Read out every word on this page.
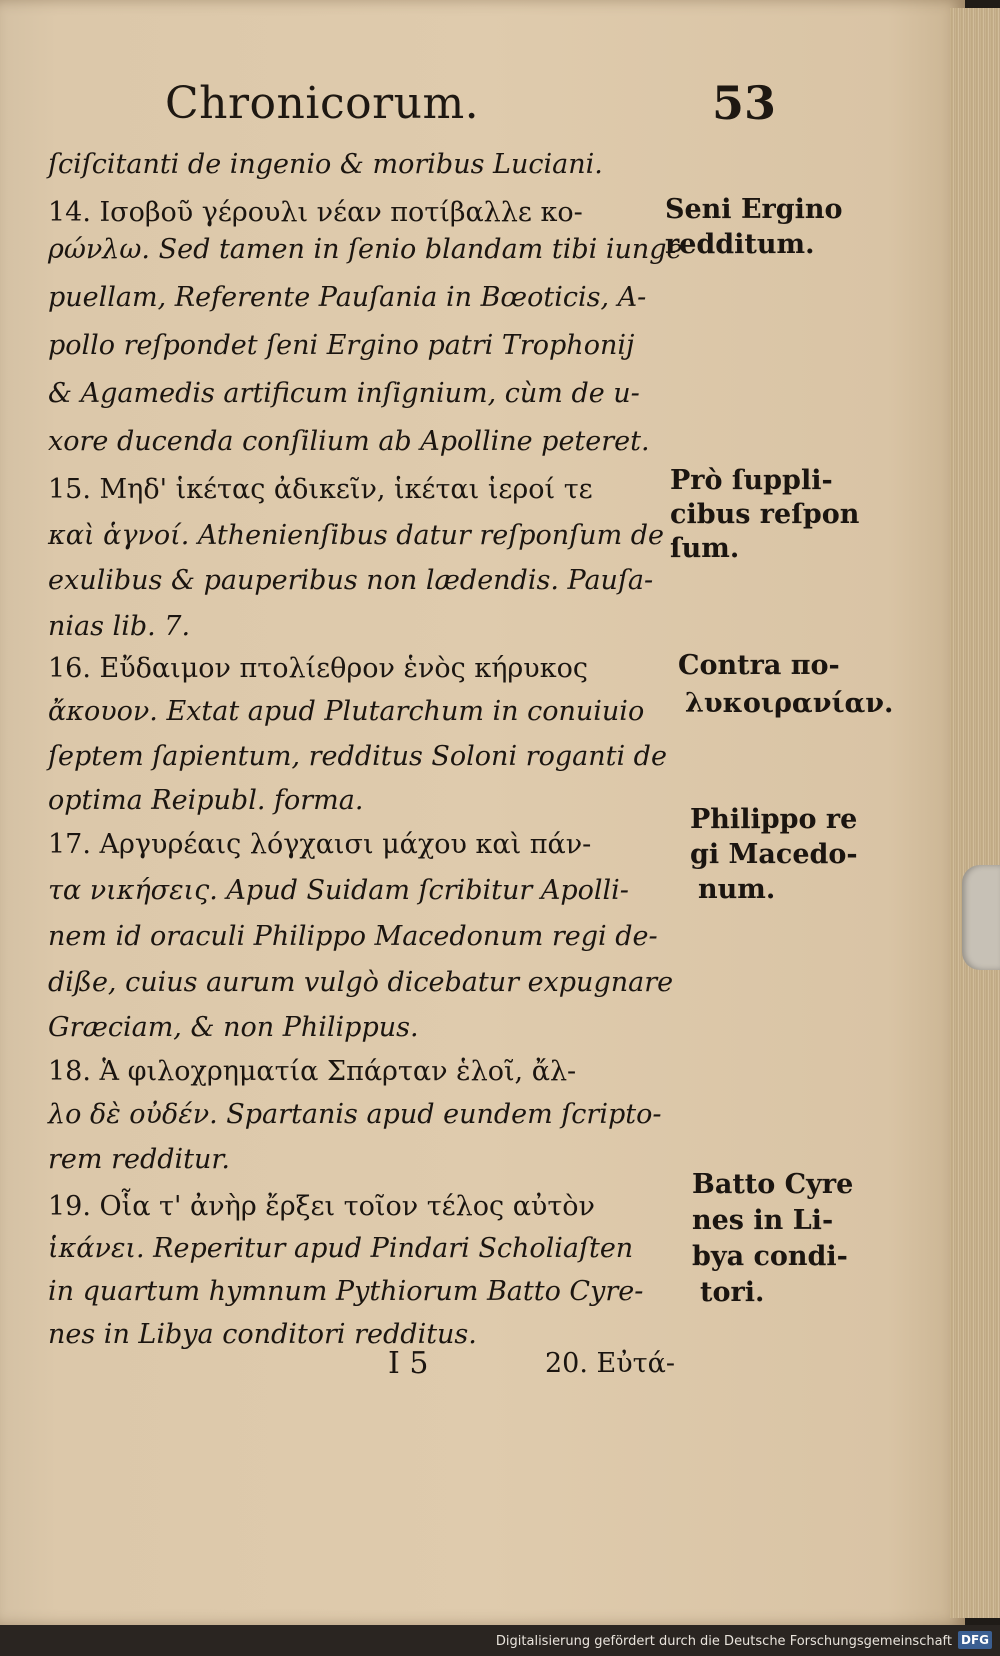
Chronicorum.	53
ſciſcitanti de ingenio & moribus Luciani.
14. Ισοβοῦ γέρουλι νέαν ποτίβαλλε κο-
ρώνλω. Sed tamen in ſenio blandam tibi iunge
puellam, Referente Pauſania in Bœoticis, A-
pollo reſpondet ſeni Ergino patri Trophonij
& Agamedis artificum inſignium, cùm de u-
xore ducenda conſilium ab Apolline peteret.
15. Μηδ' ἱκέτας ἀδικεῖν, ἱκέται ἱεροί τε
καὶ ἁγνοί. Athenienſibus datur reſponſum de
exulibus & pauperibus non lædendis. Pauſa-
nias lib. 7.
16. Εὔδαιμον πτολίεθρον ἑνὸς κήρυκος
ἄκουον. Extat apud Plutarchum in conuiuio
ſeptem ſapientum, redditus Soloni roganti de
optima Reipubl. forma.
17. Αργυρέαις λόγχαισι μάχου καὶ πάν-
τα νικήσεις. Apud Suidam ſcribitur Apolli-
nem id oraculi Philippo Macedonum regi de-
diße, cuius aurum vulgò dicebatur expugnare
Græciam, & non Philippus.
18. Ἁ φιλοχρηματία Σπάρταν ἑλοῖ, ἄλ-
λο δὲ οὐδέν. Spartanis apud eundem ſcripto-
rem redditur.
19. Οἷα τ' ἀνὴρ ἔρξει τοῖον τέλος αὐτὸν
ἱκάνει. Reperitur apud Pindari Scholiaſten
in quartum hymnum Pythiorum Batto Cyre-
nes in Libya conditori redditus.
Seni Ergino
redditum.
Prò ſuppli-
cibus reſpon
ſum.
Contra πο-
λυκοιρανίαν.
Philippo re
gi Macedo-
num.
Batto Cyre
nes in Li-
bya condi-
tori.
I 5	20. Εὐτά-
Digitalisierung gefördert durch die Deutsche Forschungsgemeinschaft DFG
